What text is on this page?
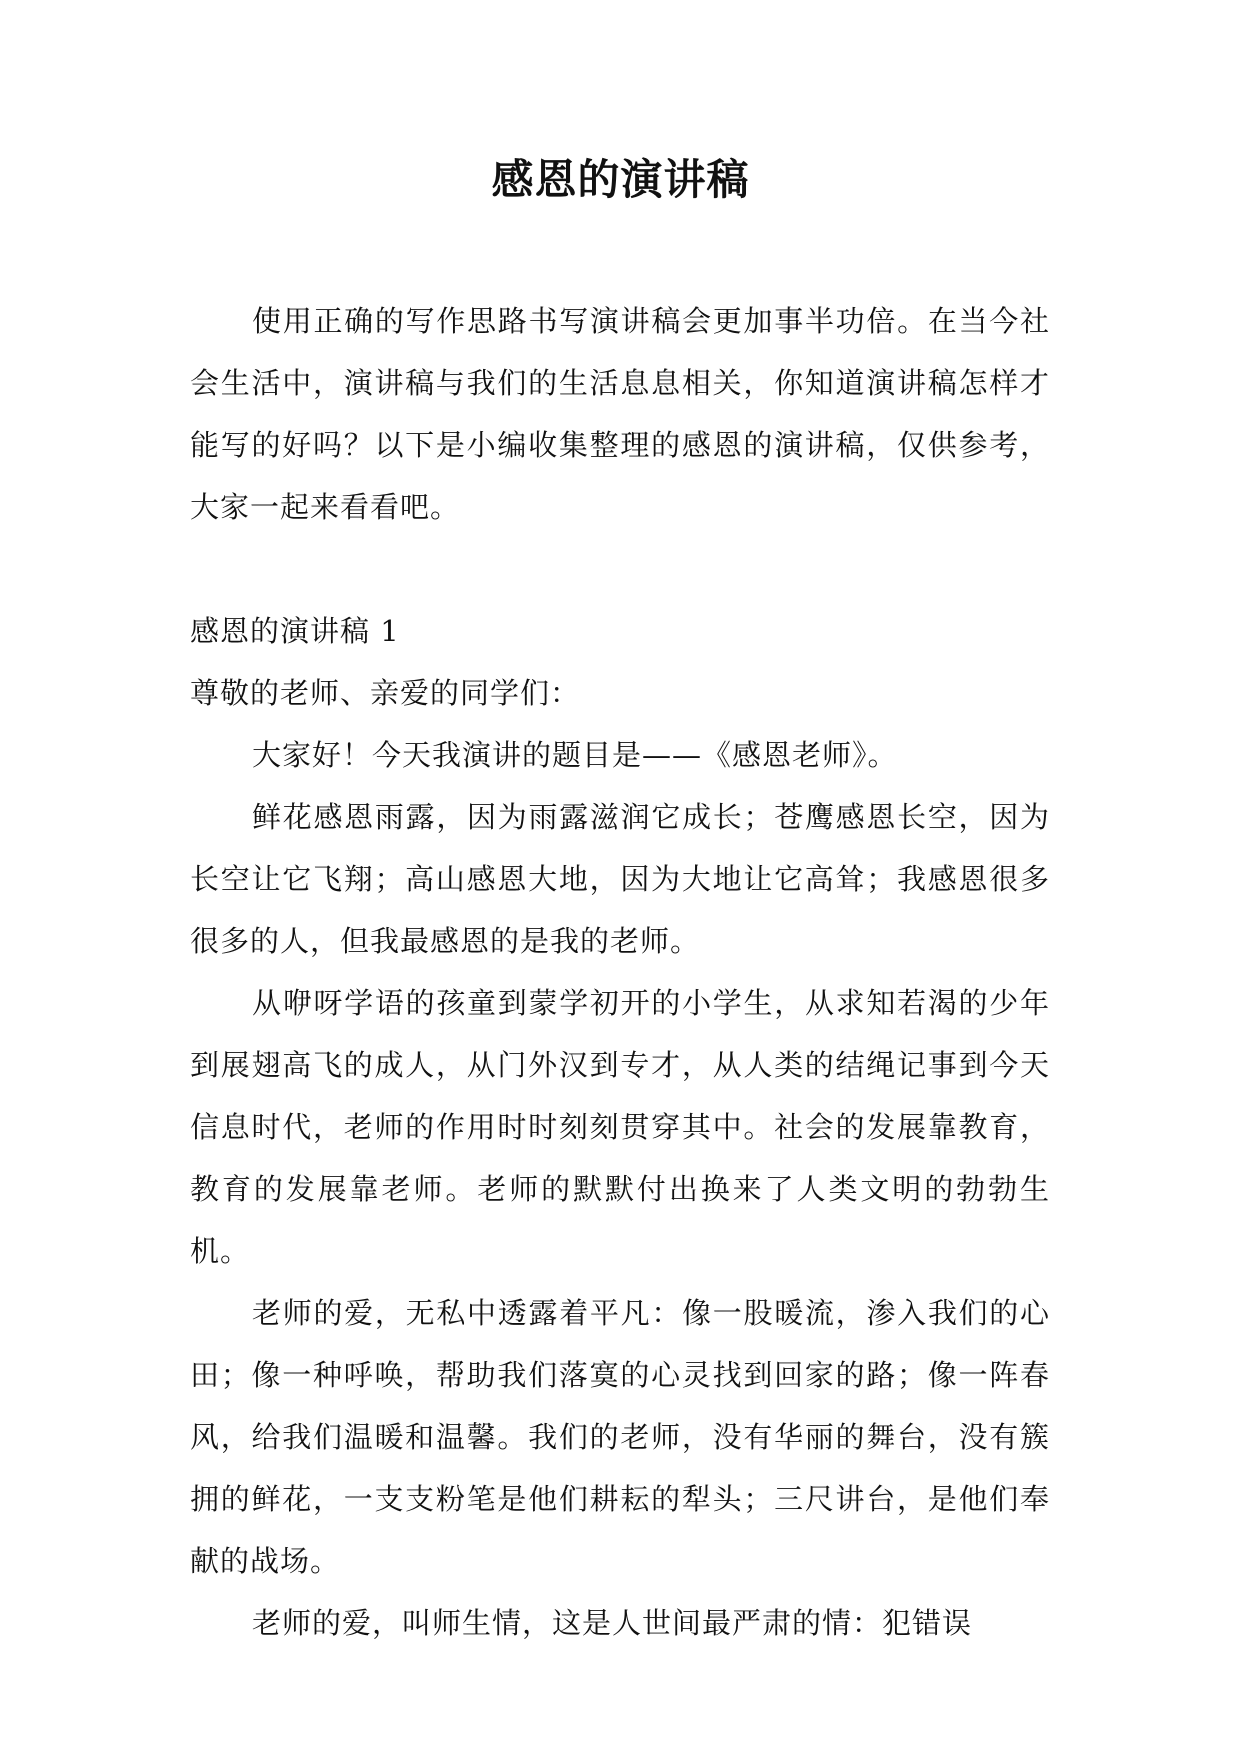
感恩的演讲稿

使用正确的写作思路书写演讲稿会更加事半功倍。在当今社会生活中，演讲稿与我们的生活息息相关，你知道演讲稿怎样才能写的好吗？以下是小编收集整理的感恩的演讲稿，仅供参考，大家一起来看看吧。

感恩的演讲稿 1

尊敬的老师、亲爱的同学们：

大家好！今天我演讲的题目是——《感恩老师》。

鲜花感恩雨露，因为雨露滋润它成长；苍鹰感恩长空，因为长空让它飞翔；高山感恩大地，因为大地让它高耸；我感恩很多很多的人，但我最感恩的是我的老师。

从咿呀学语的孩童到蒙学初开的小学生，从求知若渴的少年到展翅高飞的成人，从门外汉到专才，从人类的结绳记事到今天信息时代，老师的作用时时刻刻贯穿其中。社会的发展靠教育，教育的发展靠老师。老师的默默付出换来了人类文明的勃勃生机。

老师的爱，无私中透露着平凡：像一股暖流，渗入我们的心田；像一种呼唤，帮助我们落寞的心灵找到回家的路；像一阵春风，给我们温暖和温馨。我们的老师，没有华丽的舞台，没有簇拥的鲜花，一支支粉笔是他们耕耘的犁头；三尺讲台，是他们奉献的战场。

老师的爱，叫师生情，这是人世间最严肃的情：犯错误
